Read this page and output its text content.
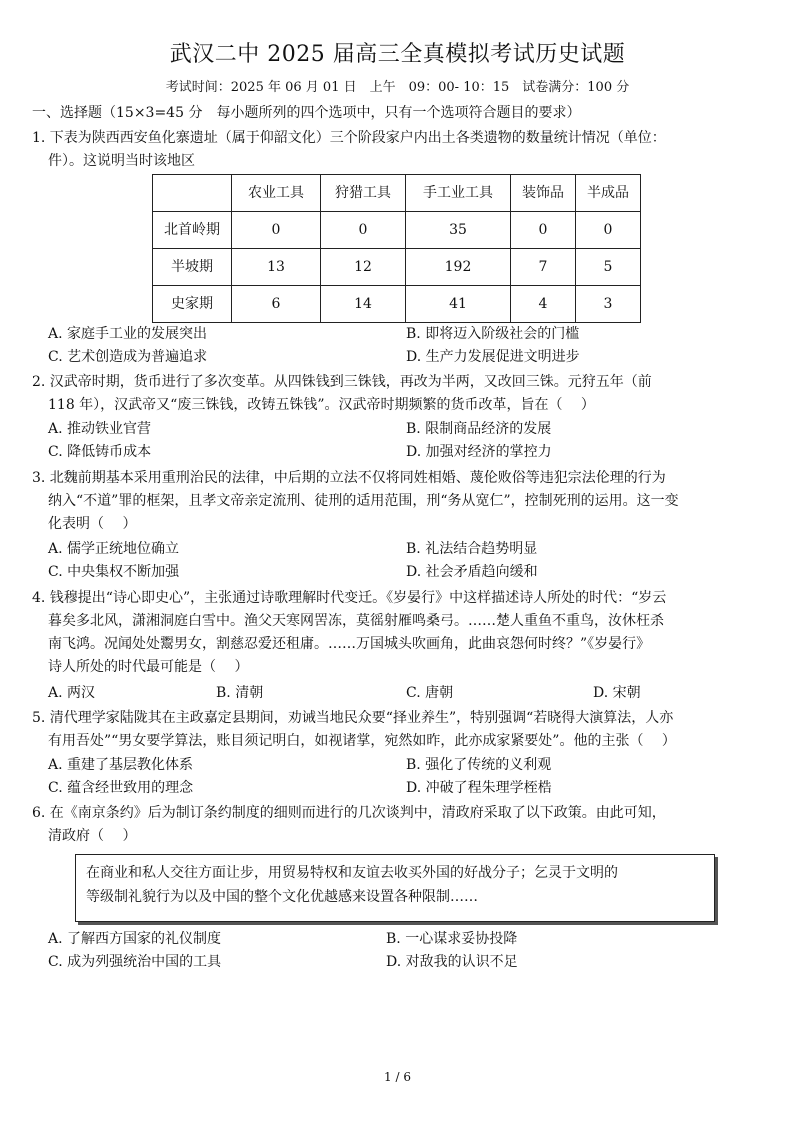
武汉二中 2025 届高三全真模拟考试历史试题
考试时间：2025 年 06 月 01 日　上午　09：00- 10：15　试卷满分：100 分
一、选择题（15×3=45 分　每小题所列的四个选项中，只有一个选项符合题目的要求）
1. 下表为陕西西安鱼化寨遗址（属于仰韶文化）三个阶段家户内出土各类遗物的数量统计情况（单位：
件）。这说明当时该地区
	农业工具	狩猎工具	手工业工具	装饰品	半成品
北首岭期	0	0	35	0	0
半坡期	13	12	192	7	5
史家期	6	14	41	4	3
A. 家庭手工业的发展突出	B. 即将迈入阶级社会的门槛
C. 艺术创造成为普遍追求	D. 生产力发展促进文明进步
2. 汉武帝时期，货币进行了多次变革。从四铢钱到三铢钱，再改为半两，又改回三铢。元狩五年（前
118 年），汉武帝又“废三铢钱，改铸五铢钱”。汉武帝时期频繁的货币改革，旨在（　 ）
A. 推动铁业官营	B. 限制商品经济的发展
C. 降低铸币成本	D. 加强对经济的掌控力
3. 北魏前期基本采用重刑治民的法律，中后期的立法不仅将同姓相婚、蔑伦败俗等违犯宗法伦理的行为
纳入“不道”罪的框架，且孝文帝亲定流刑、徒刑的适用范围，刑“务从宽仁”，控制死刑的运用。这一变
化表明（　 ）
A. 儒学正统地位确立	B. 礼法结合趋势明显
C. 中央集权不断加强	D. 社会矛盾趋向缓和
4. 钱穆提出“诗心即史心”，主张通过诗歌理解时代变迁。《岁晏行》中这样描述诗人所处的时代：“岁云
暮矣多北风，潇湘洞庭白雪中。渔父天寒网罟冻，莫徭射雁鸣桑弓。……楚人重鱼不重鸟，汝休枉杀
南飞鸿。况闻处处鬻男女，割慈忍爱还租庸。……万国城头吹画角，此曲哀怨何时终？”《岁晏行》
诗人所处的时代最可能是（　 ）
A. 两汉	B. 清朝	C. 唐朝	D. 宋朝
5. 清代理学家陆陇其在主政嘉定县期间，劝诫当地民众要“择业养生”，特别强调“若晓得大演算法，人亦
有用吾处”“男女要学算法，账目须记明白，如视诸掌，宛然如昨，此亦成家紧要处”。他的主张（　 ）
A. 重建了基层教化体系	B. 强化了传统的义利观
C. 蕴含经世致用的理念	D. 冲破了程朱理学桎梏
6. 在《南京条约》后为制订条约制度的细则而进行的几次谈判中，清政府采取了以下政策。由此可知，
清政府（　 ）
在商业和私人交往方面让步，用贸易特权和友谊去收买外国的好战分子；乞灵于文明的
等级制礼貌行为以及中国的整个文化优越感来设置各种限制……
A. 了解西方国家的礼仪制度	B. 一心谋求妥协投降
C. 成为列强统治中国的工具	D. 对敌我的认识不足
1 / 6
